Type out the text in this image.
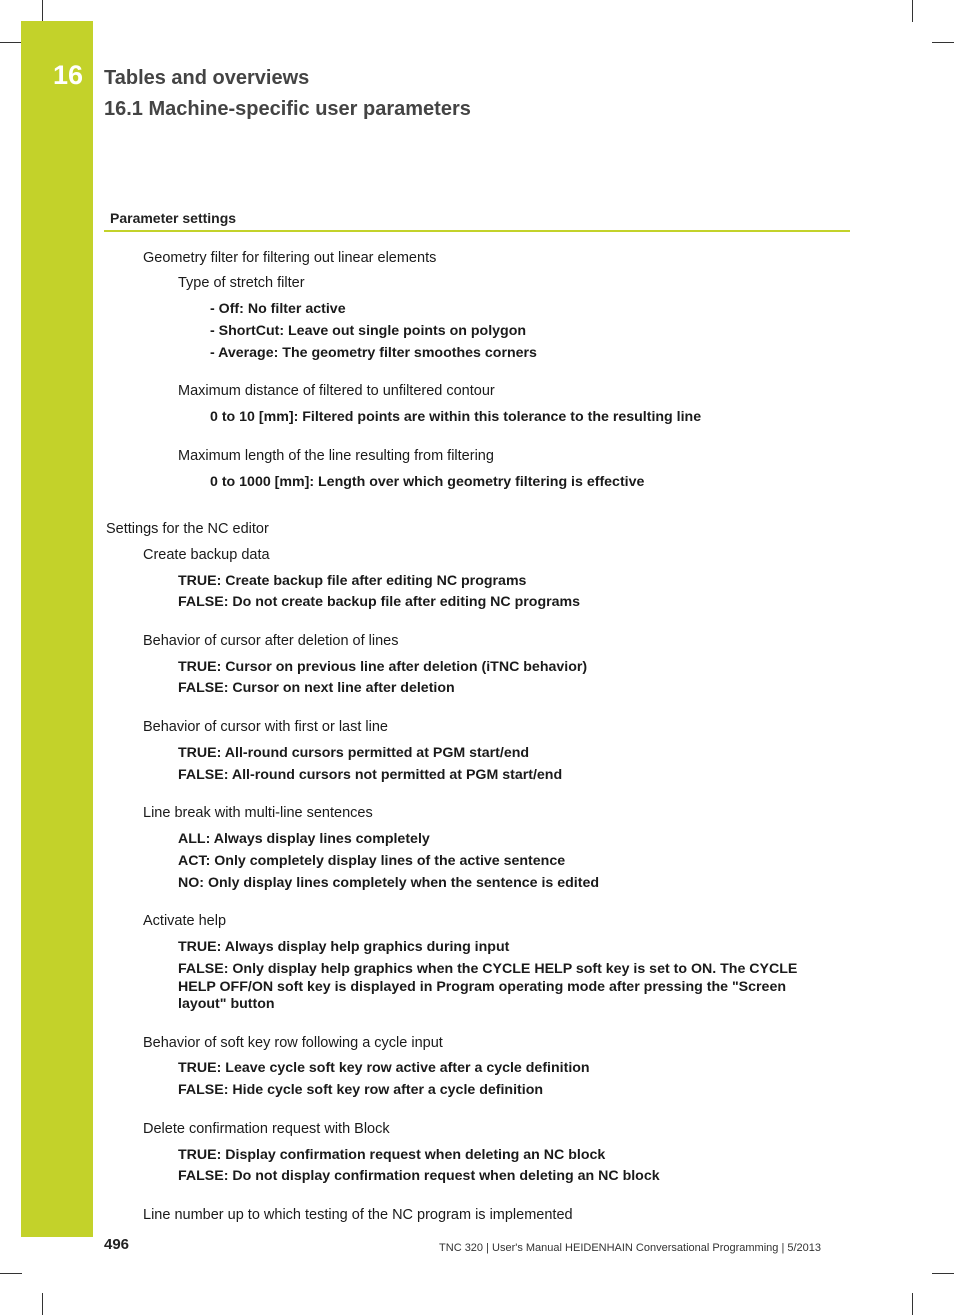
16 Tables and overviews
16.1 Machine-specific user parameters
Parameter settings
Geometry filter for filtering out linear elements
Type of stretch filter
- Off: No filter active
- ShortCut: Leave out single points on polygon
- Average: The geometry filter smoothes corners
Maximum distance of filtered to unfiltered contour
0 to 10 [mm]: Filtered points are within this tolerance to the resulting line
Maximum length of the line resulting from filtering
0 to 1000 [mm]: Length over which geometry filtering is effective
Settings for the NC editor
Create backup data
TRUE: Create backup file after editing NC programs
FALSE: Do not create backup file after editing NC programs
Behavior of cursor after deletion of lines
TRUE: Cursor on previous line after deletion (iTNC behavior)
FALSE: Cursor on next line after deletion
Behavior of cursor with first or last line
TRUE: All-round cursors permitted at PGM start/end
FALSE: All-round cursors not permitted at PGM start/end
Line break with multi-line sentences
ALL: Always display lines completely
ACT: Only completely display lines of the active sentence
NO: Only display lines completely when the sentence is edited
Activate help
TRUE: Always display help graphics during input
FALSE: Only display help graphics when the CYCLE HELP soft key is set to ON. The CYCLE HELP OFF/ON soft key is displayed in Program operating mode after pressing the "Screen layout" button
Behavior of soft key row following a cycle input
TRUE: Leave cycle soft key row active after a cycle definition
FALSE: Hide cycle soft key row after a cycle definition
Delete confirmation request with Block
TRUE: Display confirmation request when deleting an NC block
FALSE: Do not display confirmation request when deleting an NC block
Line number up to which testing of the NC program is implemented
496	TNC 320 | User's Manual HEIDENHAIN Conversational Programming | 5/2013
